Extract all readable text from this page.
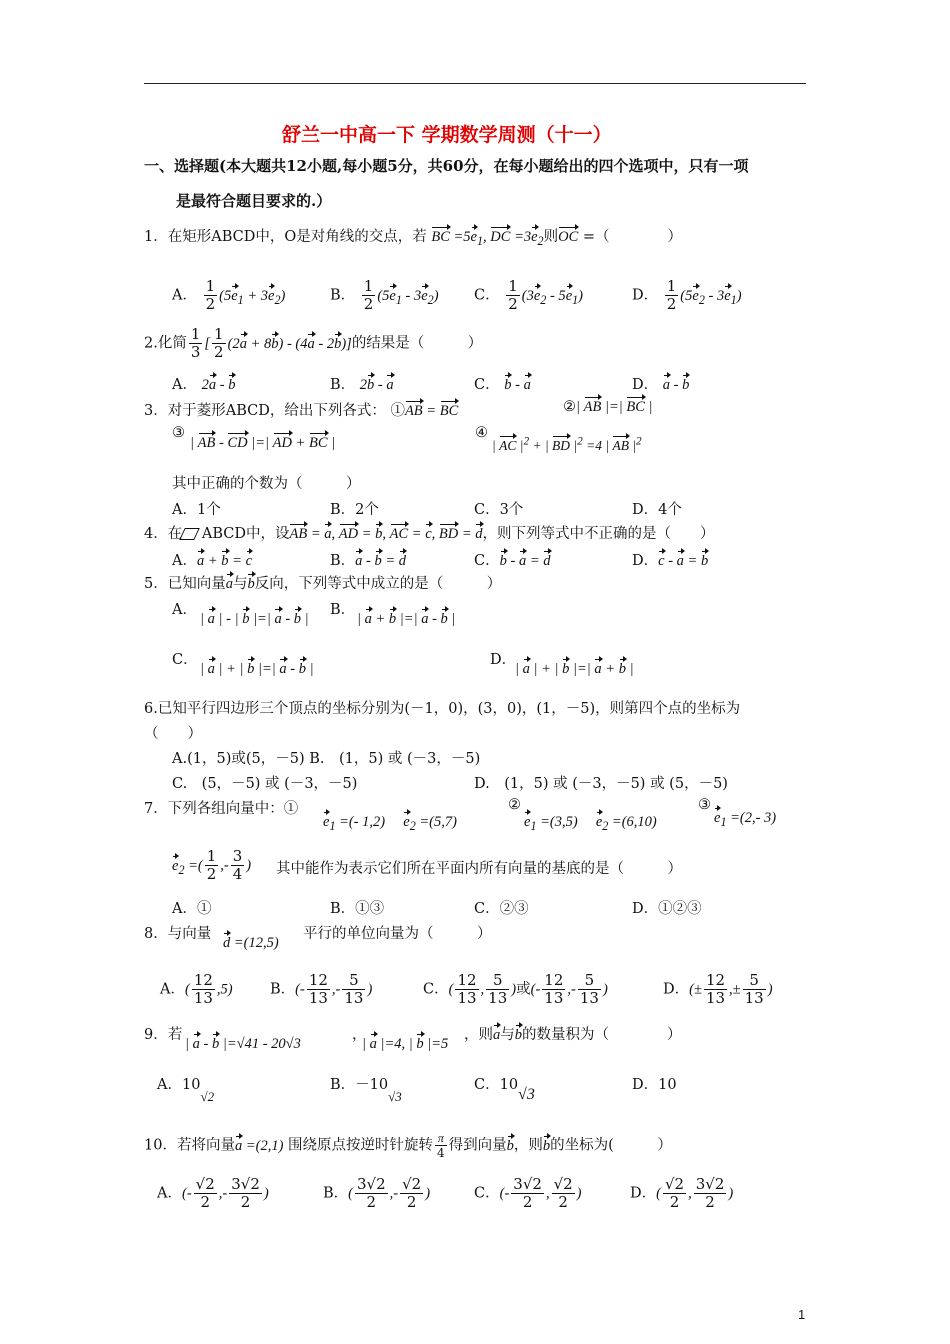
舒兰一中高一下 学期数学周测（十一）
一、选择题(本大题共12小题,每小题5分，共60分，在每小题给出的四个选项中，只有一项
是最符合题目要求的.）
1．在矩形ABCD中，O是对角线的交点，若 BC $=5e_1$, DC $=3e_2$则OC =（　　　　）
A． $\frac{1}{2} (5e_1 + 3e_2)$	B． $\frac{1}{2} (5e_1 - 3e_2)$ C． $\frac{1}{2} (3e_2 - 5e_1)$	D． $\frac{1}{2} (5e_2 - 3e_1)$
2.化简 $\frac{1}{3}$ [ $\frac{1}{2} (2a + 8b) - (4a - 2b)$]的结果是（　　　）
A． 2a - b	B． 2b - a	C． b - a	D． a - b
3．对于菱形ABCD，给出下列各式： ①AB = BC	②| AB |=| BC |
③
| AB - CD |=| AD + BC |
④
| AC $|^2$ + | BD $|^2 =4$ | AB $|^2$
其中正确的个数为（　　　）
A．1个	B．2个	C．3个	D．4个
4．在 ABCD中，设AB = a, AD = b, AC = c, BD = d，则下列等式中不正确的是（　　）
A．a + b = c	B．a - b = d	C．b - a = d	D．c - a = b
5．已知向量a与b反向，下列等式中成立的是（　　　）
A．
| a | - | b |=| a - b |
B．
| a + b |=| a - b |
C．
| a | + | b |=| a - b |
D．
| a | + | b |=| a + b |
6.已知平行四边形三个顶点的坐标分别为(－1，0)，(3，0)，(1，－5)，则第四个点的坐标为
（　　）
A.(1，5)或(5，－5) B.　(1，5) 或 (－3，－5)
C.　(5，－5) 或 (－3，－5)	D.　(1，5) 或 (－3，－5) 或 (5，－5)
7．下列各组向量中：①
$e_1$ =(- 1,2)　 $e_2 =(5,7)$
②
$e_1 =(3,5)$　 $e_2 =(6,10)$
③
$e_1 =(2,-$ 3)
$e_2$ =( $\frac{1}{2}$ ,- $\frac{3}{4}$ ) 其中能作为表示它们所在平面内所有向量的基底的是（　　　）
A．①	B．①③	C．②③	D．①②③
8．与向量
d =(12,5)
平行的单位向量为（　　　）
A．( $\frac{12}{13} ,5$)	B．(- $\frac{12}{13}$ ,- $\frac{5}{13}$ )	C．( $\frac{12}{13}$ , $\frac{5}{13}$ )或(- $\frac{12}{13}$ ,- $\frac{5}{13}$ )	D．(± $\frac{12}{13}$ ,± $\frac{5}{13}$ )
9．若
| a - b |=√41 - 20√3
，
| a |=4, | b |=5
，则a与b的数量积为（　　　　）
A．10√2
B．－10√3
C．10√3
D．10
10．若将向量a =(2,1) 围绕原点按逆时针旋转 $\frac{\pi}{4}$ 得到向量b，则b的坐标为(　　　）
A．(- $\frac{√2}{2}$ ,- $\frac{3√2}{2}$ )	B．( $\frac{3√2}{2}$ ,- $\frac{√2}{2}$ )	C．(- $\frac{3√2}{2}$ , $\frac{√2}{2}$ )	D．( $\frac{√2}{2}$ , $\frac{3√2}{2}$ )
1
